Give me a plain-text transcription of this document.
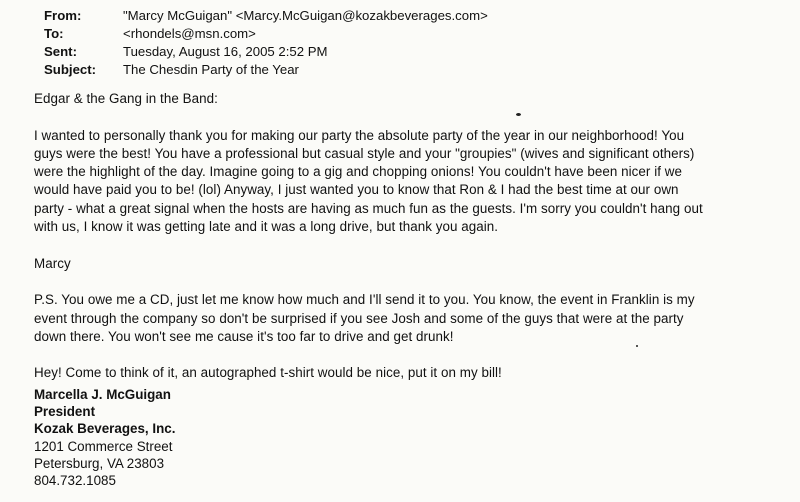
From:	"Marcy McGuigan" <Marcy.McGuigan@kozakbeverages.com>
To:	<rhondels@msn.com>
Sent:	Tuesday, August 16, 2005 2:52 PM
Subject:	The Chesdin Party of the Year

Edgar & the Gang in the Band:

I wanted to personally thank you for making our party the absolute party of the year in our neighborhood! You

guys were the best! You have a professional but casual style and your "groupies" (wives and significant others)

were the highlight of the day. Imagine going to a gig and chopping onions! You couldn't have been nicer if we

would have paid you to be! (lol) Anyway, I just wanted you to know that Ron & I had the best time at our own

party - what a great signal when the hosts are having as much fun as the guests. I'm sorry you couldn't hang out

with us, I know it was getting late and it was a long drive, but thank you again.

Marcy

P.S. You owe me a CD, just let me know how much and I'll send it to you. You know, the event in Franklin is my

event through the company so don't be surprised if you see Josh and some of the guys that were at the party

down there. You won't see me cause it's too far to drive and get drunk!

Hey! Come to think of it, an autographed t-shirt would be nice, put it on my bill!

Marcella J. McGuigan
President
Kozak Beverages, Inc.
1201 Commerce Street
Petersburg, VA 23803
804.732.1085
